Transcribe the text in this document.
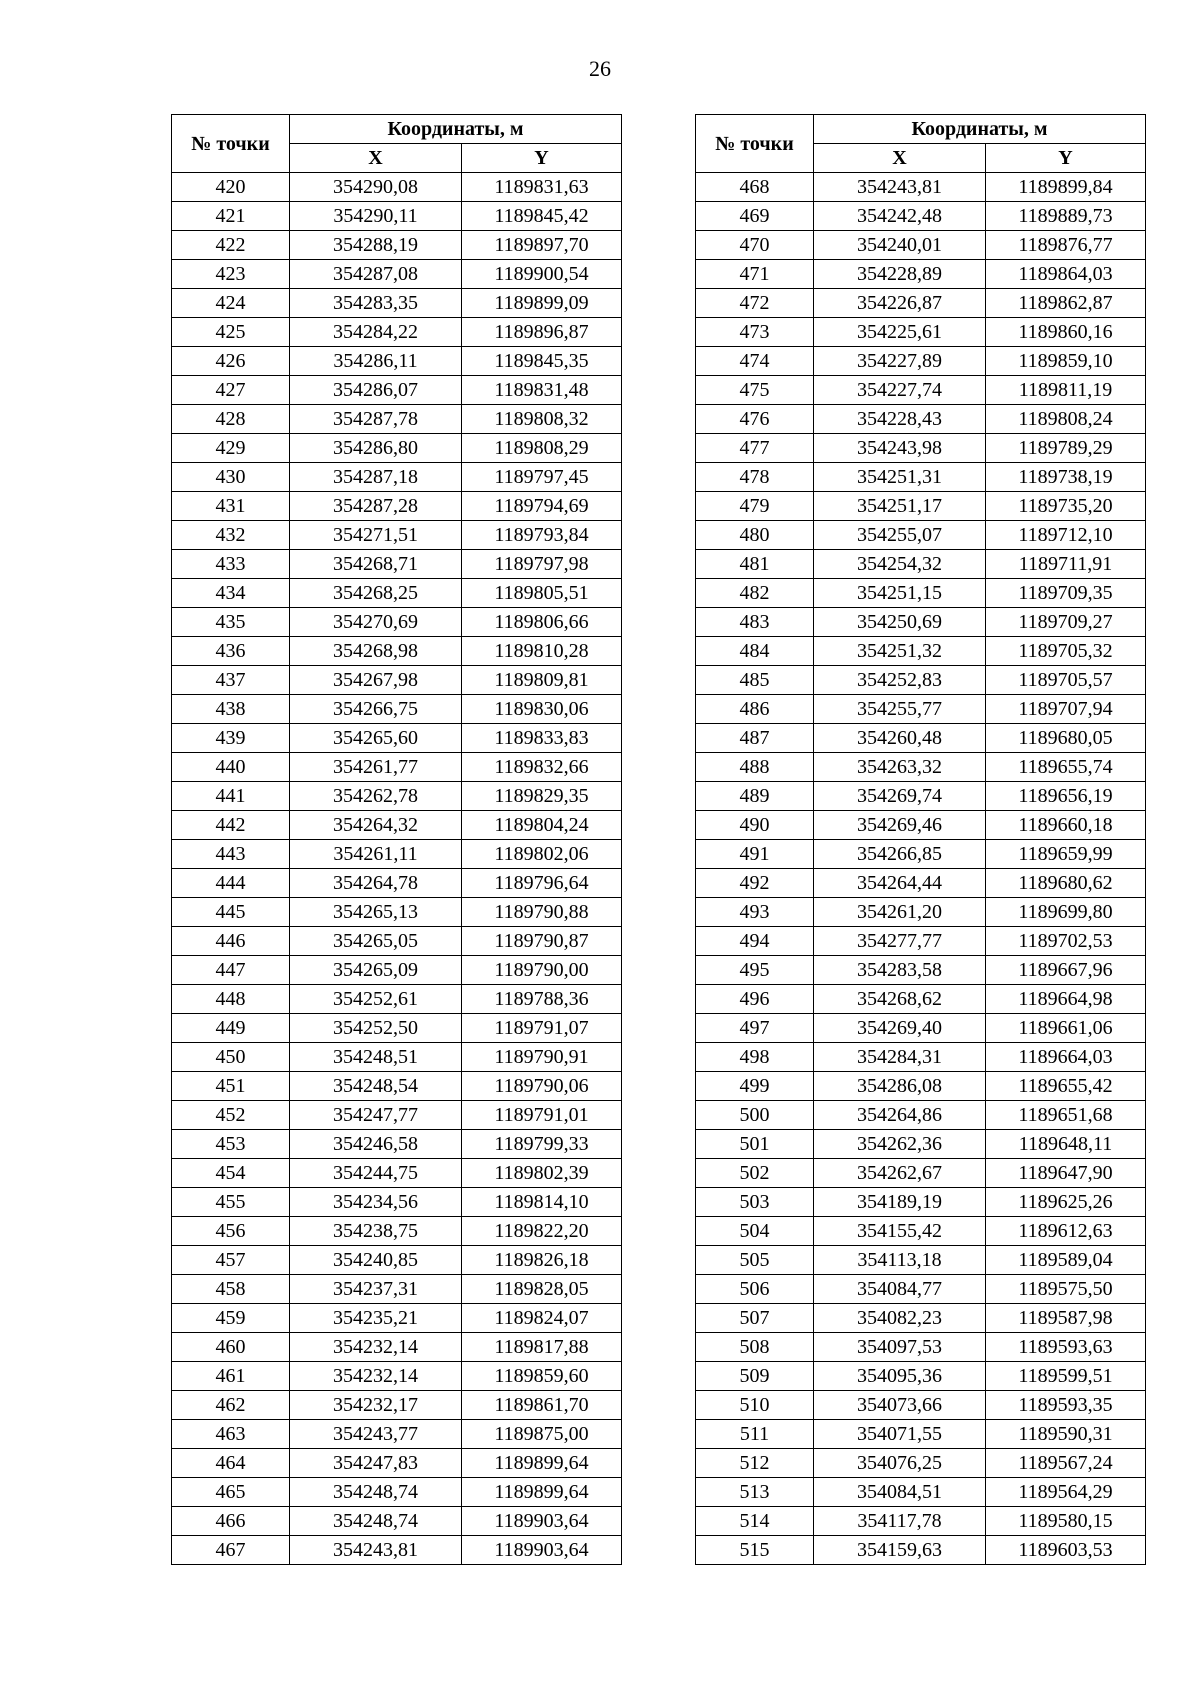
26
№ точки	Координаты, м	
	X	Y
420	354290,08	1189831,63
421	354290,11	1189845,42
422	354288,19	1189897,70
423	354287,08	1189900,54
424	354283,35	1189899,09
425	354284,22	1189896,87
426	354286,11	1189845,35
427	354286,07	1189831,48
428	354287,78	1189808,32
429	354286,80	1189808,29
430	354287,18	1189797,45
431	354287,28	1189794,69
432	354271,51	1189793,84
433	354268,71	1189797,98
434	354268,25	1189805,51
435	354270,69	1189806,66
436	354268,98	1189810,28
437	354267,98	1189809,81
438	354266,75	1189830,06
439	354265,60	1189833,83
440	354261,77	1189832,66
441	354262,78	1189829,35
442	354264,32	1189804,24
443	354261,11	1189802,06
444	354264,78	1189796,64
445	354265,13	1189790,88
446	354265,05	1189790,87
447	354265,09	1189790,00
448	354252,61	1189788,36
449	354252,50	1189791,07
450	354248,51	1189790,91
451	354248,54	1189790,06
452	354247,77	1189791,01
453	354246,58	1189799,33
454	354244,75	1189802,39
455	354234,56	1189814,10
456	354238,75	1189822,20
457	354240,85	1189826,18
458	354237,31	1189828,05
459	354235,21	1189824,07
460	354232,14	1189817,88
461	354232,14	1189859,60
462	354232,17	1189861,70
463	354243,77	1189875,00
464	354247,83	1189899,64
465	354248,74	1189899,64
466	354248,74	1189903,64
467	354243,81	1189903,64
№ точки	Координаты, м	
	X	Y
468	354243,81	1189899,84
469	354242,48	1189889,73
470	354240,01	1189876,77
471	354228,89	1189864,03
472	354226,87	1189862,87
473	354225,61	1189860,16
474	354227,89	1189859,10
475	354227,74	1189811,19
476	354228,43	1189808,24
477	354243,98	1189789,29
478	354251,31	1189738,19
479	354251,17	1189735,20
480	354255,07	1189712,10
481	354254,32	1189711,91
482	354251,15	1189709,35
483	354250,69	1189709,27
484	354251,32	1189705,32
485	354252,83	1189705,57
486	354255,77	1189707,94
487	354260,48	1189680,05
488	354263,32	1189655,74
489	354269,74	1189656,19
490	354269,46	1189660,18
491	354266,85	1189659,99
492	354264,44	1189680,62
493	354261,20	1189699,80
494	354277,77	1189702,53
495	354283,58	1189667,96
496	354268,62	1189664,98
497	354269,40	1189661,06
498	354284,31	1189664,03
499	354286,08	1189655,42
500	354264,86	1189651,68
501	354262,36	1189648,11
502	354262,67	1189647,90
503	354189,19	1189625,26
504	354155,42	1189612,63
505	354113,18	1189589,04
506	354084,77	1189575,50
507	354082,23	1189587,98
508	354097,53	1189593,63
509	354095,36	1189599,51
510	354073,66	1189593,35
511	354071,55	1189590,31
512	354076,25	1189567,24
513	354084,51	1189564,29
514	354117,78	1189580,15
515	354159,63	1189603,53
